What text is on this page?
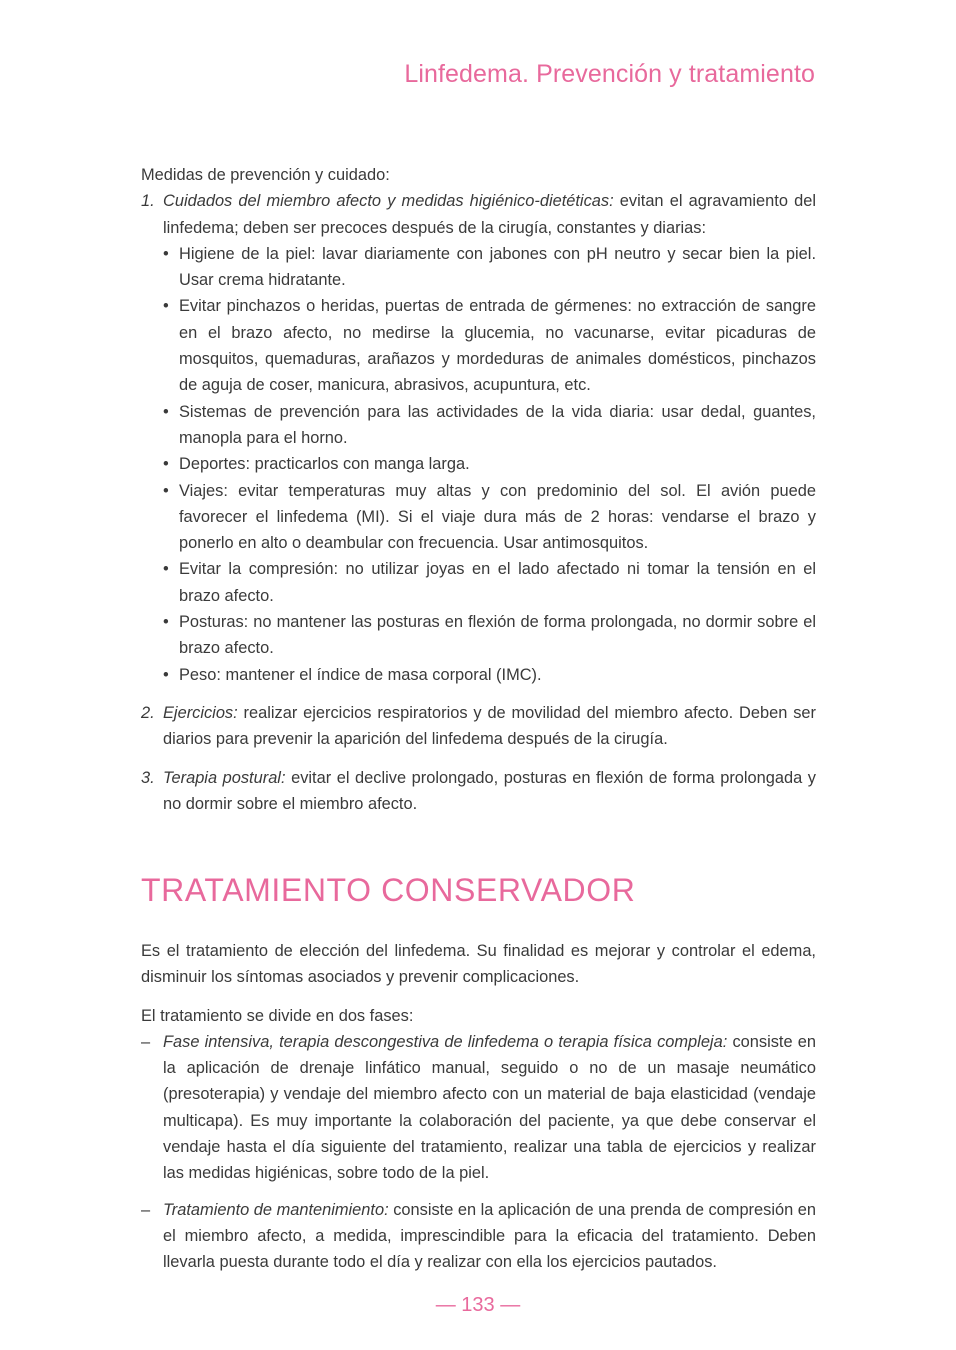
Linfedema. Prevención y tratamiento

Medidas de prevención y cuidado:

1. Cuidados del miembro afecto y medidas higiénico-dietéticas: evitan el agravamiento del linfedema; deben ser precoces después de la cirugía, constantes y diarias:
• Higiene de la piel: lavar diariamente con jabones con pH neutro y secar bien la piel. Usar crema hidratante.
• Evitar pinchazos o heridas, puertas de entrada de gérmenes: no extracción de sangre en el brazo afecto, no medirse la glucemia, no vacunarse, evitar picaduras de mosquitos, quemaduras, arañazos y mordeduras de animales domésticos, pinchazos de aguja de coser, manicura, abrasivos, acupuntura, etc.
• Sistemas de prevención para las actividades de la vida diaria: usar dedal, guantes, manopla para el horno.
• Deportes: practicarlos con manga larga.
• Viajes: evitar temperaturas muy altas y con predominio del sol. El avión puede favorecer el linfedema (MI). Si el viaje dura más de 2 horas: vendarse el brazo y ponerlo en alto o deambular con frecuencia. Usar antimosquitos.
• Evitar la compresión: no utilizar joyas en el lado afectado ni tomar la tensión en el brazo afecto.
• Posturas: no mantener las posturas en flexión de forma prolongada, no dormir sobre el brazo afecto.
• Peso: mantener el índice de masa corporal (IMC).
2. Ejercicios: realizar ejercicios respiratorios y de movilidad del miembro afecto. Deben ser diarios para prevenir la aparición del linfedema después de la cirugía.
3. Terapia postural: evitar el declive prolongado, posturas en flexión de forma prolongada y no dormir sobre el miembro afecto.
TRATAMIENTO CONSERVADOR

Es el tratamiento de elección del linfedema. Su finalidad es mejorar y controlar el edema, disminuir los síntomas asociados y prevenir complicaciones.

El tratamiento se divide en dos fases:

– Fase intensiva, terapia descongestiva de linfedema o terapia física compleja: consiste en la aplicación de drenaje linfático manual, seguido o no de un masaje neumático (presoterapia) y vendaje del miembro afecto con un material de baja elasticidad (vendaje multicapa). Es muy importante la colaboración del paciente, ya que debe conservar el vendaje hasta el día siguiente del tratamiento, realizar una tabla de ejercicios y realizar las medidas higiénicas, sobre todo de la piel.
– Tratamiento de mantenimiento: consiste en la aplicación de una prenda de compresión en el miembro afecto, a medida, imprescindible para la eficacia del tratamiento. Deben llevarla puesta durante todo el día y realizar con ella los ejercicios pautados.
— 133 —
